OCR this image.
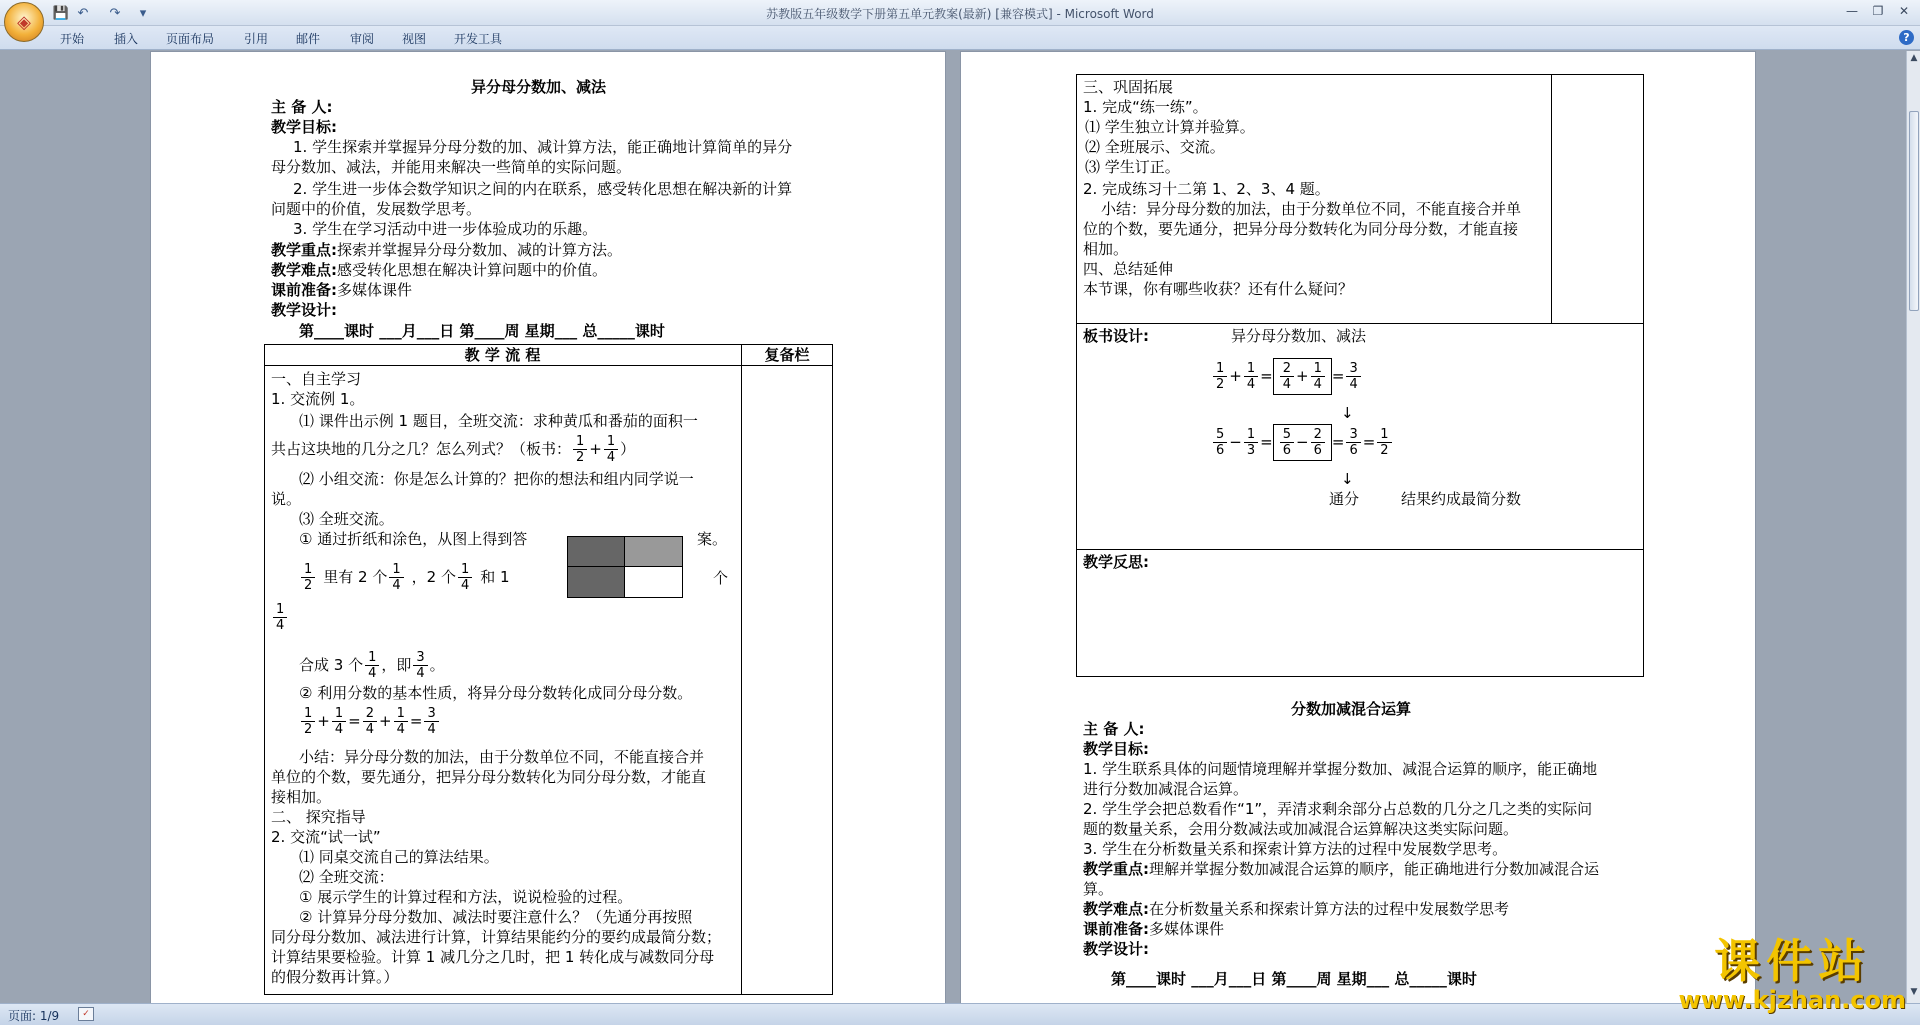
◈ 💾 ↶ ↷	▾	苏教版五年级数学下册第五单元教案(最新) [兼容模式] - Microsoft Word	—	❐	✕
开始 插入 页面布局 引用 邮件 审阅 视图 开发工具	?
异分母分数加、减法
主 备 人:
教学目标:
1. 学生探索并掌握异分母分数的加、减计算方法，能正确地计算简单的异分
母分数加、减法，并能用来解决一些简单的实际问题。
2. 学生进一步体会数学知识之间的内在联系，感受转化思想在解决新的计算
问题中的价值，发展数学思考。
3. 学生在学习活动中进一步体验成功的乐趣。
教学重点:探索并掌握异分母分数加、减的计算方法。
教学难点:感受转化思想在解决计算问题中的价值。
课前准备:多媒体课件
教学设计:
第____课时 ___月___日 第____周 星期___ 总_____课时
教 学 流 程	复备栏
一、自主学习
1. 交流例 1。
⑴ 课件出示例 1 题目，全班交流：求种黄瓜和番茄的面积一
共占这块地的几分之几？怎么列式？（板书： $\frac{1}{2} + \frac{1}{4}$ ）
⑵ 小组交流：你是怎么计算的？把你的想法和组内同学说一
说。
⑶ 全班交流。
① 通过折纸和涂色，从图上得到答	案。
$\frac{1}{2}$ 里有 2 个 $\frac{1}{4}$ ，2 个 $\frac{1}{4}$ 和 1	个
$\frac{1}{4}$
合成 3 个 $\frac{1}{4}$ ，即 $\frac{3}{4}$ 。
② 利用分数的基本性质，将异分母分数转化成同分母分数。
$\frac{1}{2} + \frac{1}{4} = \frac{2}{4} + \frac{1}{4} = \frac{3}{4}$
小结：异分母分数的加法，由于分数单位不同，不能直接合并
单位的个数，要先通分，把异分母分数转化为同分母分数，才能直
接相加。
二、 探究指导
2. 交流“试一试”
⑴ 同桌交流自己的算法结果。
⑵ 全班交流：
① 展示学生的计算过程和方法，说说检验的过程。
② 计算异分母分数加、减法时要注意什么？（先通分再按照
同分母分数加、减法进行计算，计算结果能约分的要约成最简分数；
计算结果要检验。计算 1 减几分之几时，把 1 转化成与减数同分母
的假分数再计算。）
三、巩固拓展
1. 完成“练一练”。
⑴ 学生独立计算并验算。
⑵ 全班展示、交流。
⑶ 学生订正。
2. 完成练习十二第 1、2、3、4 题。
小结：异分母分数的加法，由于分数单位不同，不能直接合并单
位的个数，要先通分，把异分母分数转化为同分母分数，才能直接
相加。
四、总结延伸
本节课，你有哪些收获？还有什么疑问？
板书设计:	异分母分数加、减法
$\frac{1}{2} + \frac{1}{4} = \frac{2}{4} + \frac{1}{4} = \frac{3}{4}$
↓
$\frac{5}{6} - \frac{1}{3} = \frac{5}{6} - \frac{2}{6} = \frac{3}{6} = \frac{1}{2}$
↓
通分	结果约成最简分数
教学反思:
分数加减混合运算
主 备 人:
教学目标:
1. 学生联系具体的问题情境理解并掌握分数加、减混合运算的顺序，能正确地
进行分数加减混合运算。
2. 学生学会把总数看作“1”，弄清求剩余部分占总数的几分之几之类的实际问
题的数量关系，会用分数减法或加减混合运算解决这类实际问题。
3. 学生在分析数量关系和探索计算方法的过程中发展数学思考。
教学重点:理解并掌握分数加减混合运算的顺序，能正确地进行分数加减混合运
算。
教学难点:在分析数量关系和探索计算方法的过程中发展数学思考
课前准备:多媒体课件
教学设计:
第____课时 ___月___日 第____周 星期___ 总_____课时
▲
▼
页面: 1/9	✓
课件站
www.kjzhan.com
